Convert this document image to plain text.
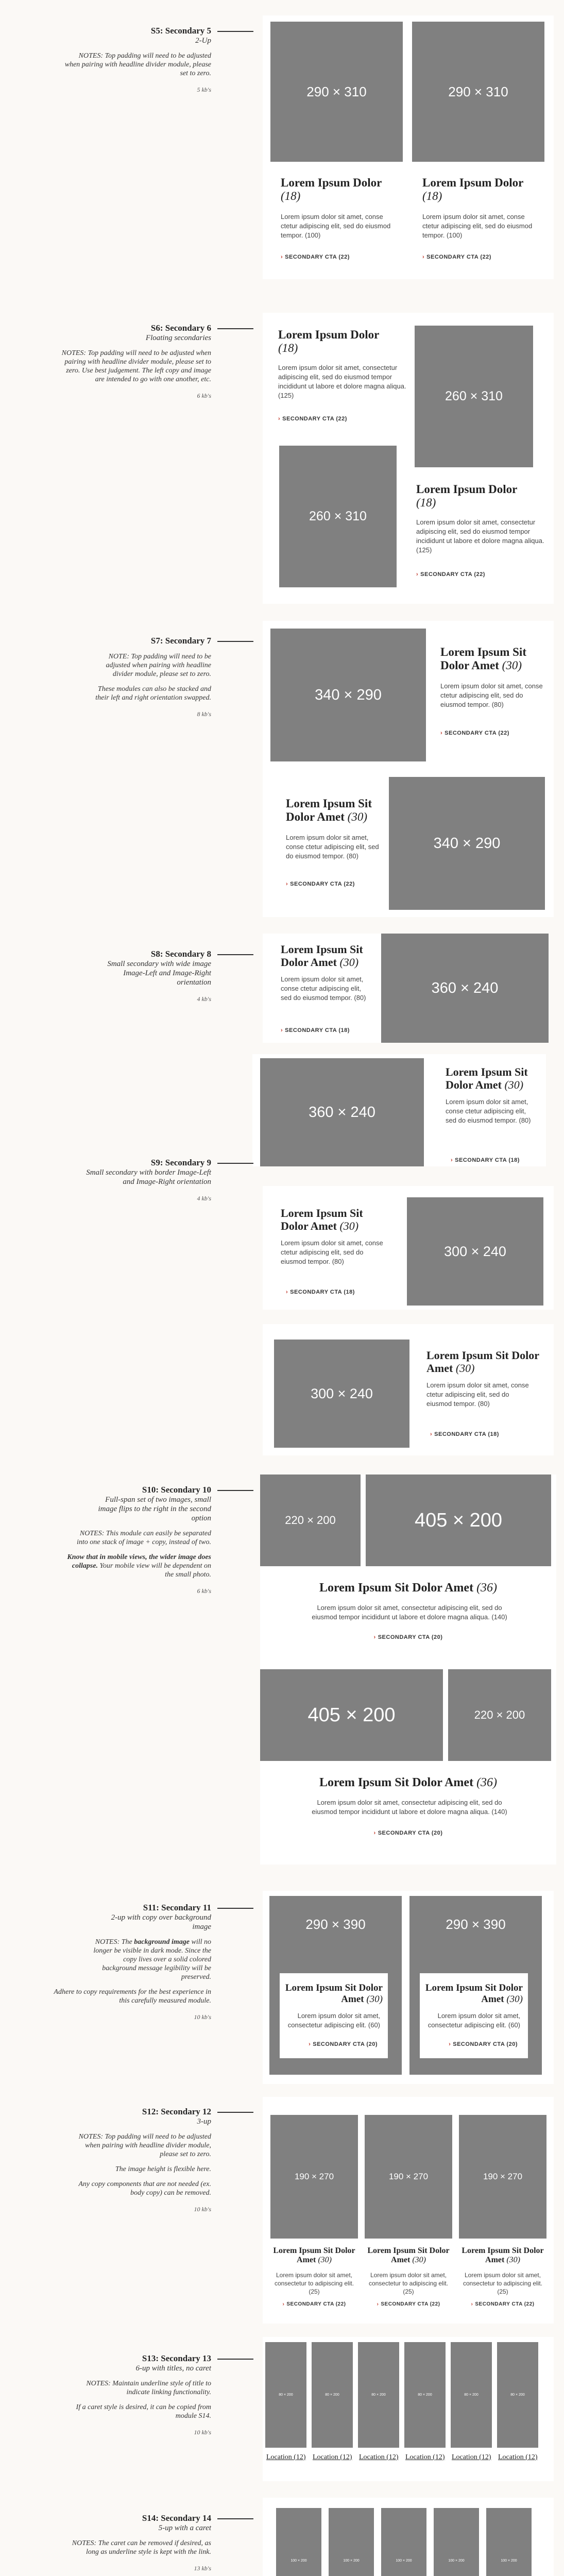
S5: Secondary 5
2-Up
NOTES: Top padding will need to be adjusted when pairing with headline divider module, please set to zero.
5 kb's	290 × 310	290 × 310
Lorem Ipsum Dolor
(18)
Lorem Ipsum Dolor
(18)
Lorem ipsum dolor sit amet, conse ctetur adipiscing elit, sed do eiusmod tempor. (100)
Lorem ipsum dolor sit amet, conse ctetur adipiscing elit, sed do eiusmod tempor. (100)
› SECONDARY CTA (22)	› SECONDARY CTA (22)
S6: Secondary 6
Floating secondaries
NOTES: Top padding will need to be adjusted when pairing with headline divider module, please set to zero. Use best judgement. The left copy and image are intended to go with one another, etc.
6 kb's
Lorem Ipsum Dolor
(18)
Lorem ipsum dolor sit amet, consectetur adipiscing elit, sed do eiusmod tempor incididunt ut labore et dolore magna aliqua. (125)
› SECONDARY CTA (22)
260 × 310
260 × 310
Lorem Ipsum Dolor
(18)
Lorem ipsum dolor sit amet, consectetur adipiscing elit, sed do eiusmod tempor incididunt ut labore et dolore magna aliqua. (125)
› SECONDARY CTA (22)
S7: Secondary 7
NOTE: Top padding will need to be adjusted when pairing with headline divider module, please set to zero.
These modules can also be stacked and their left and right orientation swapped.
8 kb's
340 × 290
Lorem Ipsum Sit Dolor Amet (30)
Lorem ipsum dolor sit amet, conse ctetur adipiscing elit, sed do eiusmod tempor. (80)
› SECONDARY CTA (22)
Lorem Ipsum Sit Dolor Amet (30)
Lorem ipsum dolor sit amet, conse ctetur adipiscing elit, sed do eiusmod tempor. (80)
› SECONDARY CTA (22)
340 × 290
S8: Secondary 8
Small secondary with wide image Image-Left and Image-Right orientation
4 kb's
Lorem Ipsum Sit Dolor Amet (30)
Lorem ipsum dolor sit amet, conse ctetur adipiscing elit, sed do eiusmod tempor. (80)
› SECONDARY CTA (18)
360 × 240
360 × 240
Lorem Ipsum Sit Dolor Amet (30)
Lorem ipsum dolor sit amet, conse ctetur adipiscing elit, sed do eiusmod tempor. (80)
› SECONDARY CTA (18)
S9: Secondary 9
Small secondary with border Image-Left and Image-Right orientation
4 kb's
Lorem Ipsum Sit Dolor Amet (30)
Lorem ipsum dolor sit amet, conse ctetur adipiscing elit, sed do eiusmod tempor. (80)
› SECONDARY CTA (18)
300 × 240
300 × 240
Lorem Ipsum Sit Dolor Amet (30)
Lorem ipsum dolor sit amet, conse ctetur adipiscing elit, sed do eiusmod tempor. (80)
› SECONDARY CTA (18)
S10: Secondary 10
Full-span set of two images, small image flips to the right in the second option
NOTES: This module can easily be separated into one stack of image + copy, instead of two.
Know that in mobile views, the wider image does collapse. Your mobile view will be dependent on the small photo.
6 kb's
220 × 200	405 × 200
Lorem Ipsum Sit Dolor Amet (36)
Lorem ipsum dolor sit amet, consectetur adipiscing elit, sed do eiusmod tempor incididunt ut labore et dolore magna aliqua. (140)
› SECONDARY CTA (20)
405 × 200	220 × 200
Lorem Ipsum Sit Dolor Amet (36)
Lorem ipsum dolor sit amet, consectetur adipiscing elit, sed do eiusmod tempor incididunt ut labore et dolore magna aliqua. (140)
› SECONDARY CTA (20)
S11: Secondary 11
2-up with copy over background image
NOTES: The background image will no longer be visible in dark mode. Since the copy lives over a solid colored background message legibility will be preserved.
Adhere to copy requirements for the best experience in this carefully measured module.
10 kb's
290 × 390	290 × 390
Lorem Ipsum Sit Dolor Amet (30)
Lorem ipsum dolor sit amet, consectetur adipiscing elit. (60)
› SECONDARY CTA (20)
Lorem Ipsum Sit Dolor Amet (30)
Lorem ipsum dolor sit amet, consectetur adipiscing elit. (60)
› SECONDARY CTA (20)
S12: Secondary 12
3-up
NOTES: Top padding will need to be adjusted when pairing with headline divider module, please set to zero.
The image height is flexible here.
Any copy components that are not needed (ex. body copy) can be removed.
10 kb's
190 × 270	190 × 270	190 × 270
Lorem Ipsum Sit Dolor Amet (30)
Lorem Ipsum Sit Dolor Amet (30)
Lorem Ipsum Sit Dolor Amet (30)
Lorem ipsum dolor sit amet, consectetur to adipiscing elit. (25)
Lorem ipsum dolor sit amet, consectetur to adipiscing elit. (25)
Lorem ipsum dolor sit amet, consectetur to adipiscing elit. (25)
› SECONDARY CTA (22)	› SECONDARY CTA (22)	› SECONDARY CTA (22)
S13: Secondary 13
6-up with titles, no caret
NOTES: Maintain underline style of title to indicate linking functionality.
If a caret style is desired, it can be copied from module S14.
10 kb's
80 × 200	80 × 200	80 × 200	80 × 200	80 × 200	80 × 200
Location (12) Location (12) Location (12) Location (12) Location (12) Location (12)
S14: Secondary 14
5-up with a caret
NOTES: The caret can be removed if desired, as long as underline style is kept with the link.
13 kb's
100 × 200	100 × 200	100 × 200	100 × 200	100 × 200
